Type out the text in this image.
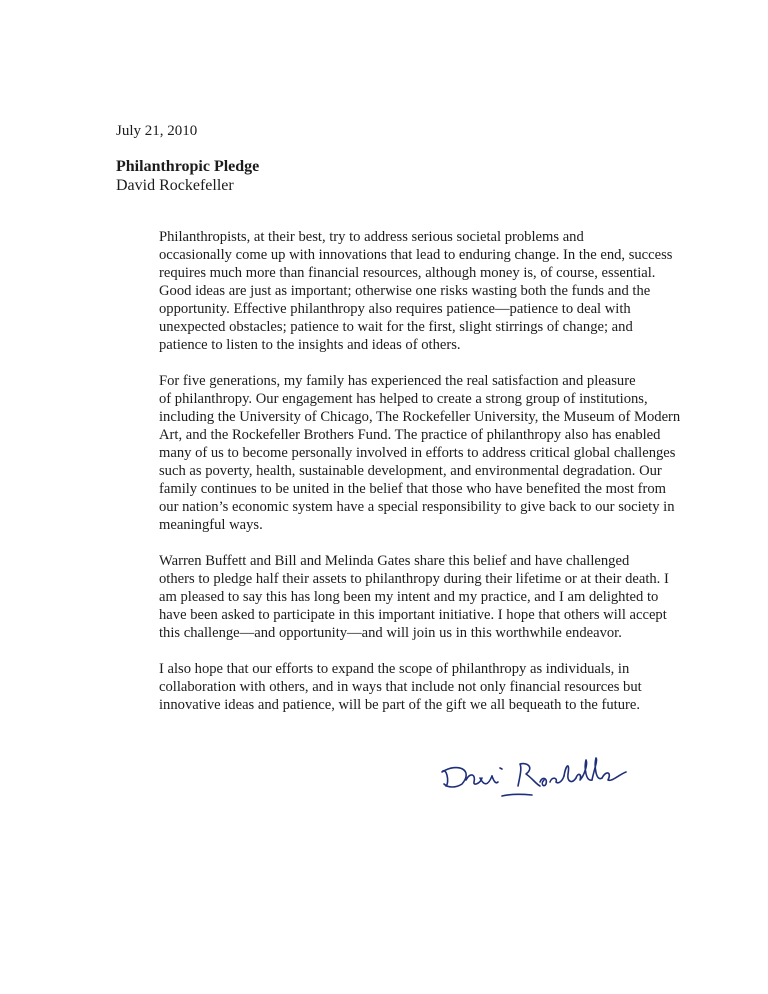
July 21, 2010
Philanthropic Pledge
David Rockefeller

Philanthropists, at their best, try to address serious societal problems and
occasionally come up with innovations that lead to enduring change. In the end, success
requires much more than financial resources, although money is, of course, essential.
Good ideas are just as important; otherwise one risks wasting both the funds and the
opportunity. Effective philanthropy also requires patience—patience to deal with
unexpected obstacles; patience to wait for the first, slight stirrings of change; and
patience to listen to the insights and ideas of others.

For five generations, my family has experienced the real satisfaction and pleasure
of philanthropy. Our engagement has helped to create a strong group of institutions,
including the University of Chicago, The Rockefeller University, the Museum of Modern
Art, and the Rockefeller Brothers Fund. The practice of philanthropy also has enabled
many of us to become personally involved in efforts to address critical global challenges
such as poverty, health, sustainable development, and environmental degradation. Our
family continues to be united in the belief that those who have benefited the most from
our nation’s economic system have a special responsibility to give back to our society in
meaningful ways.

Warren Buffett and Bill and Melinda Gates share this belief and have challenged
others to pledge half their assets to philanthropy during their lifetime or at their death. I
am pleased to say this has long been my intent and my practice, and I am delighted to
have been asked to participate in this important initiative. I hope that others will accept
this challenge—and opportunity—and will join us in this worthwhile endeavor.

I also hope that our efforts to expand the scope of philanthropy as individuals, in
collaboration with others, and in ways that include not only financial resources but
innovative ideas and patience, will be part of the gift we all bequeath to the future.
